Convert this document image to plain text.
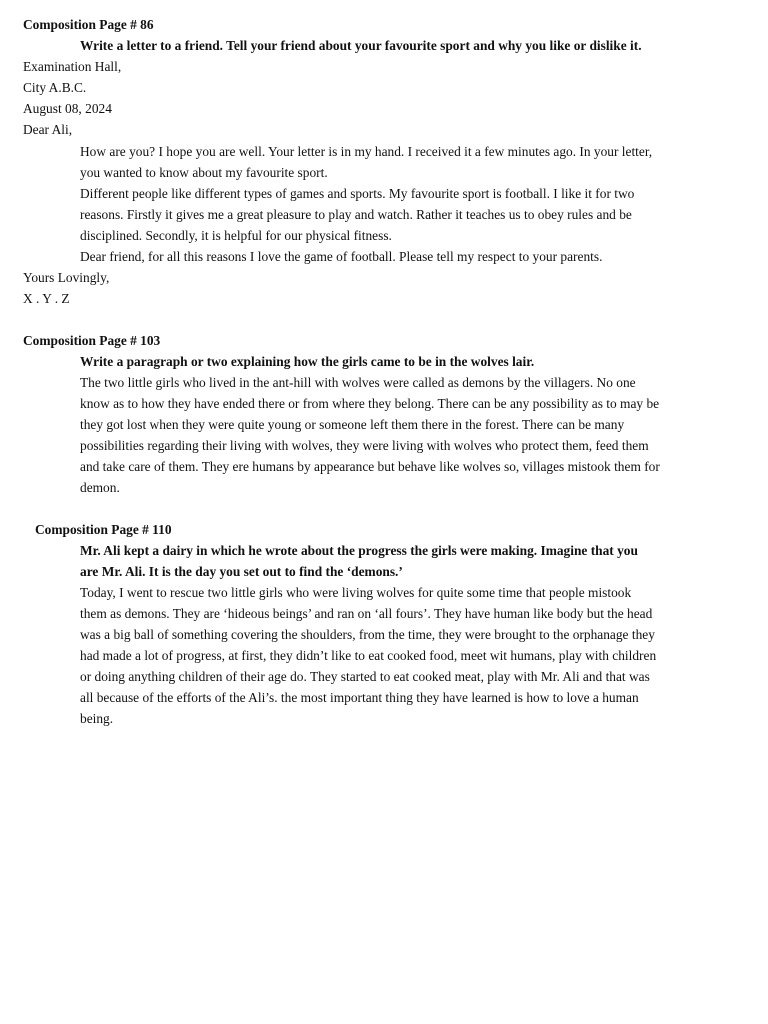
Composition Page # 86
Write a letter to a friend. Tell your friend about your favourite sport and why you like or dislike it.
Examination Hall,
City A.B.C.
August 08, 2024
Dear Ali,
How are you? I hope you are well. Your letter is in my hand. I received it a few minutes ago. In your letter,
you wanted to know about my favourite sport.
Different people like different types of games and sports. My favourite sport is football. I like it for two
reasons. Firstly it gives me a great pleasure to play and watch. Rather it teaches us to obey rules and be
disciplined. Secondly, it is helpful for our physical fitness.
Dear friend, for all this reasons I love the game of football. Please tell my respect to your parents.
Yours Lovingly,
X . Y . Z
Composition Page # 103
Write a paragraph or two explaining how the girls came to be in the wolves lair.
The two little girls who lived in the ant-hill with wolves were called as demons by the villagers. No one
know as to how they have ended there or from where they belong. There can be any possibility as to may be
they got lost when they were quite young or someone left them there in the forest. There can be many
possibilities regarding their living with wolves, they were living with wolves who protect them, feed them
and take care of them. They ere humans by appearance but behave like wolves so, villages mistook them for
demon.
Composition Page # 110
Mr. Ali kept a dairy in which he wrote about the progress the girls were making. Imagine that you
are Mr. Ali. It is the day you set out to find the ‘demons.’
Today, I went to rescue two little girls who were living wolves for quite some time that people mistook
them as demons. They are ‘hideous beings’ and ran on ‘all fours’. They have human like body but the head
was a big ball of something covering the shoulders, from the time, they were brought to the orphanage they
had made a lot of progress, at first, they didn’t like to eat cooked food, meet wit humans, play with children
or doing anything children of their age do. They started to eat cooked meat, play with Mr. Ali and that was
all because of the efforts of the Ali’s. the most important thing they have learned is how to love a human
being.
